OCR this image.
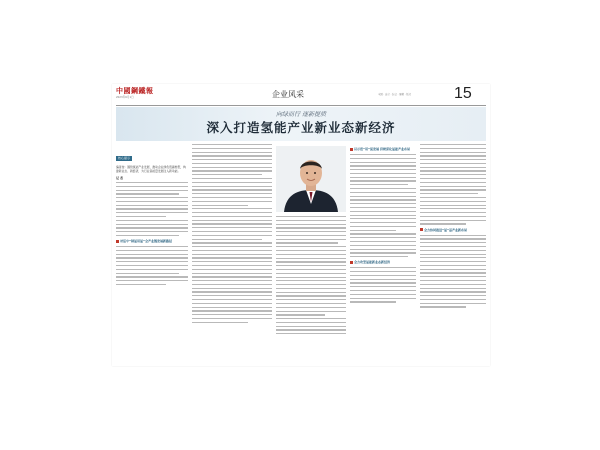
中國鋼鐵報
2023年6月1日	企业风采	全国 · 冶金 · 综合 · 编辑 · 版式	15
向绿而行 逐新提质
深入打造氢能产业新业态新经济
核心提示
编者按：围绕氢能产业发展，推动企业绿色低碳转型，构建新业态、新经济，为行业高质量发展注入新动能。
记 者
对话中“制氢用氢”全产业链发展新路径
以示范“用”促发展 持续深化氢能产业布局
全力攻坚氢能新业态新经济
全力协同推进“氢”基产业新布局
